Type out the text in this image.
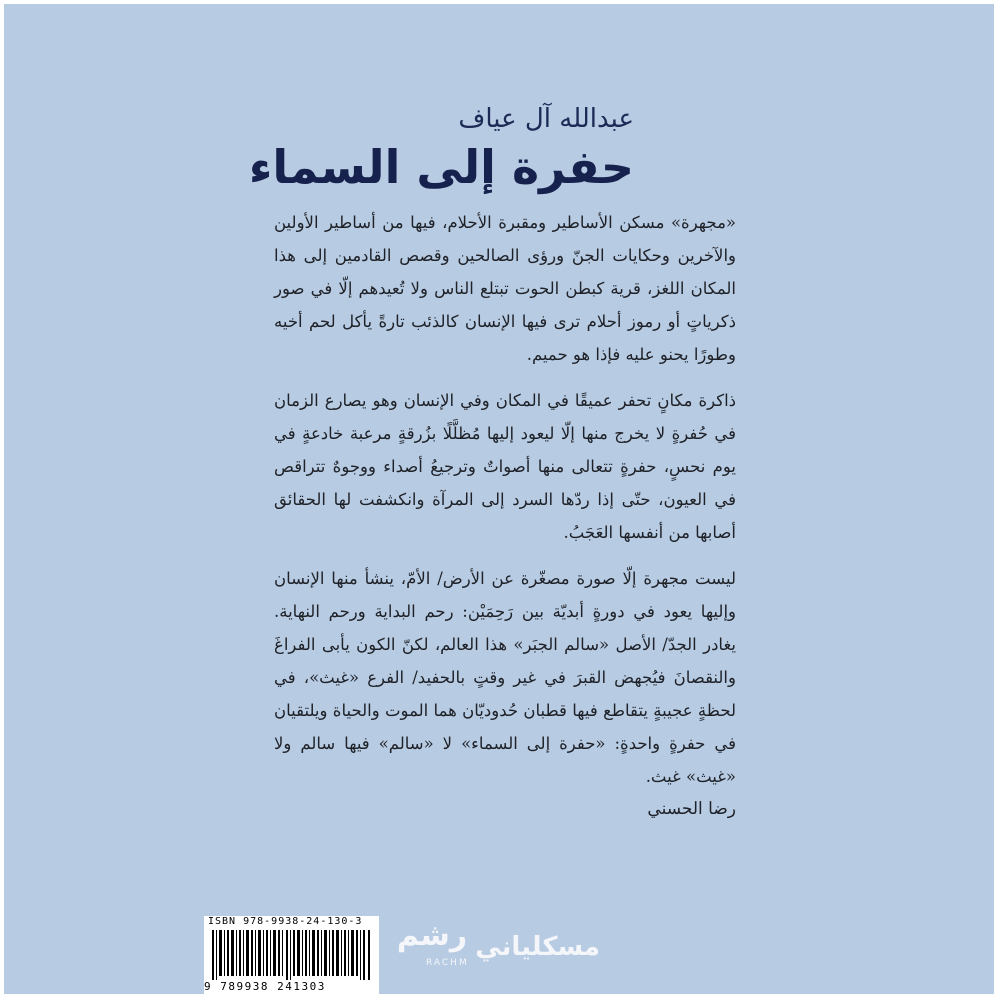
عبدالله آل عياف
حفرة إلى السماء

«مجهرة» مسكن الأساطير ومقبرة الأحلام، فيها من أساطير الأولين والآخرين وحكايات الجنّ ورؤى الصالحين وقصص القادمين إلى هذا المكان اللغز، قرية كبطن الحوت تبتلع الناس ولا تُعيدهم إلّا في صور ذكرياتٍ أو رموز أحلام ترى فيها الإنسان كالذئب تارةً يأكل لحم أخيه وطورًا يحنو عليه فإذا هو حميم.

ذاكرة مكانٍ تحفر عميقًا في المكان وفي الإنسان وهو يصارع الزمان في حُفرةٍ لا يخرج منها إلّا ليعود إليها مُظلَّلًا بزُرقةٍ مرعبة خادعةٍ في يوم نحسٍ، حفرةٍ تتعالى منها أصواتٌ وترجيعُ أصداء ووجوهٌ تتراقص في العيون، حتّى إذا ردّها السرد إلى المرآة وانكشفت لها الحقائق أصابها من أنفسها العَجَبُ.

ليست مجهرة إلّا صورة مصغّرة عن الأرض/ الأمّ، ينشأ منها الإنسان وإليها يعود في دورةٍ أبديّة بين رَحِمَيْن: رحم البداية ورحم النهاية. يغادر الجدّ/ الأصل «سالم الجبَر» هذا العالم، لكنّ الكون يأبى الفراغَ والنقصانَ فيُجهض القبرَ في غير وقتٍ بالحفيد/ الفرع «غيث»، في لحظةٍ عجيبةٍ يتقاطع فيها قطبان حُدوديّان هما الموت والحياة ويلتقيان في حفرةٍ واحدةٍ: «حفرة إلى السماء» لا «سالم» فيها سالم ولا «غيث» غيث.

رضا الحسني
ISBN 978-9938-24-130-3
9 789938 241303
رشم
RACHM
مسكلياني
